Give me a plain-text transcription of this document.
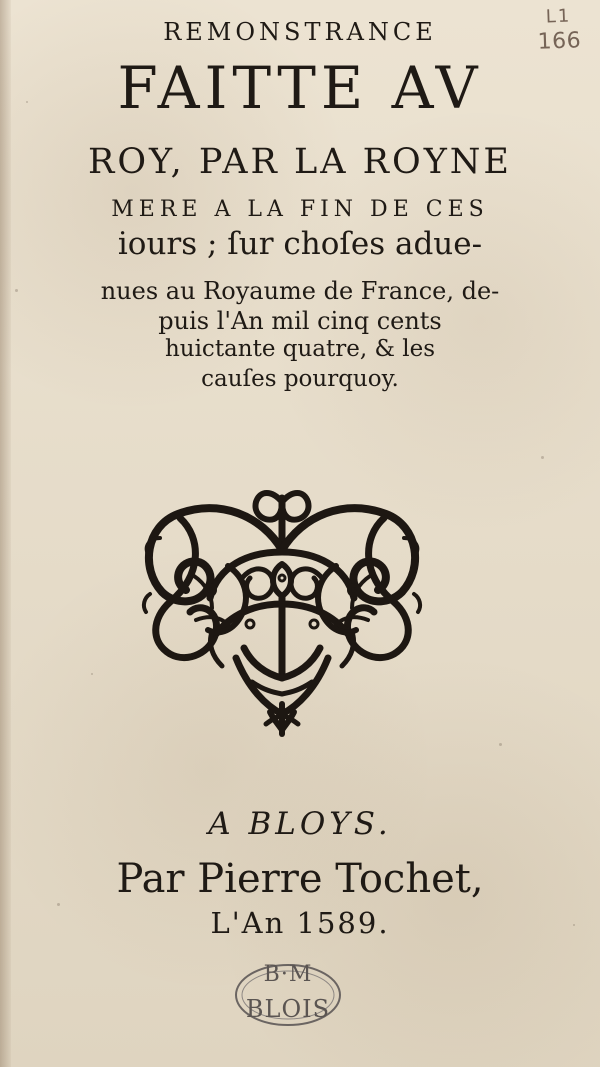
L1
166
REMONSTRANCE
FAITTE AV
ROY, PAR LA ROYNE
MERE A LA FIN DE CES
iours ; ſur choſes adue-
nues au Royaume de France, de-
puis l'An mil cinq cents
huictante quatre, & les
cauſes pourquoy.
A BLOYS.
Par Pierre Tochet,
L'An 1589.
B·M
BLOIS
